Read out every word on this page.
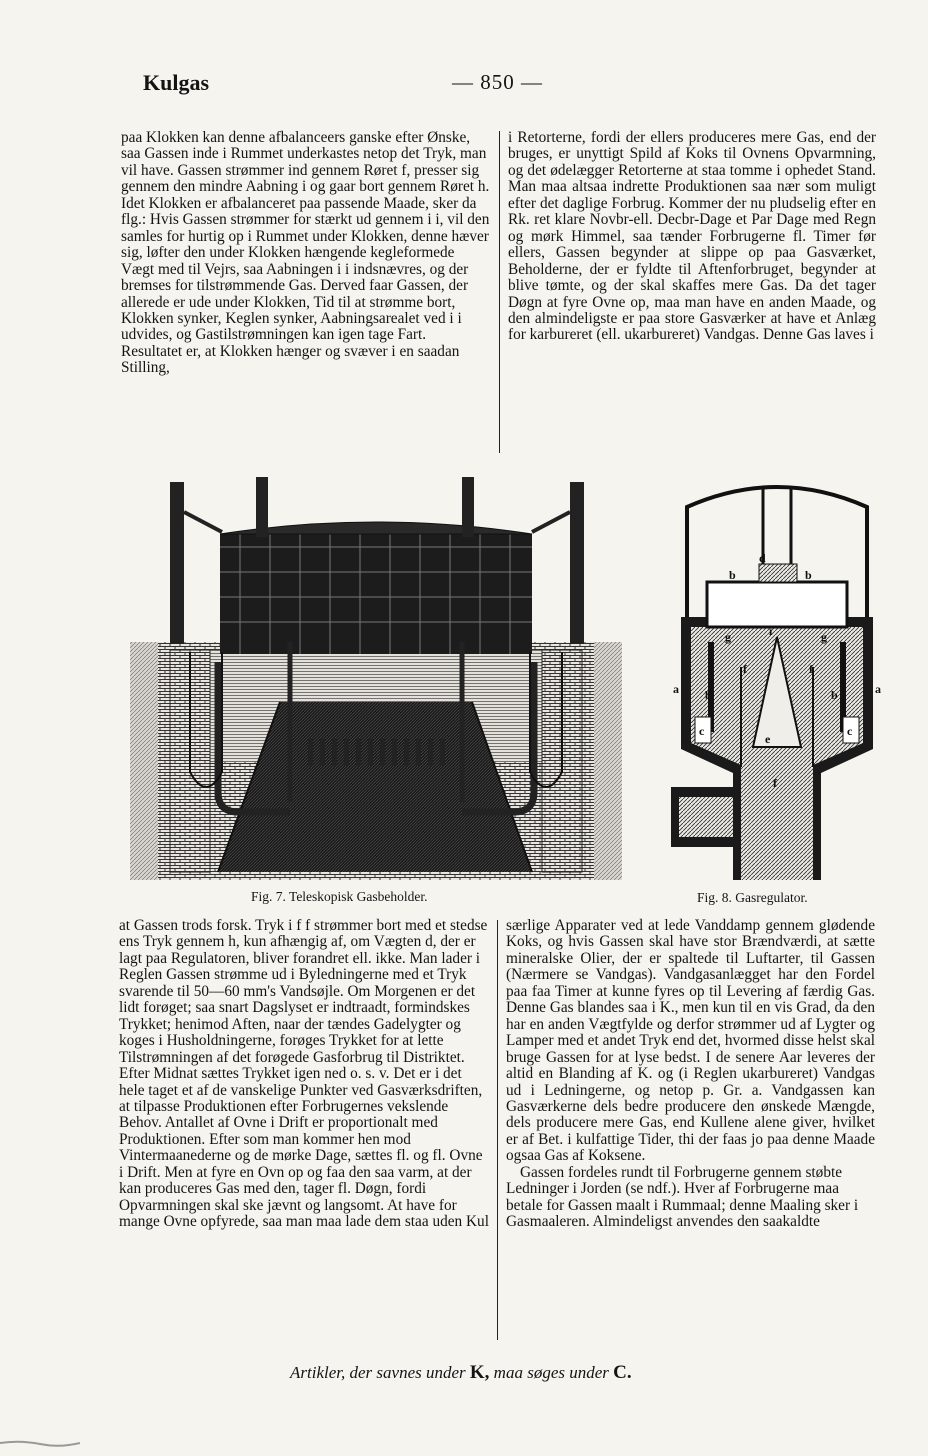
Kulgas	— 850 —

paa Klokken kan denne afbalanceers ganske efter Ønske, saa Gassen inde i Rummet underkastes netop det Tryk, man vil have. Gassen strømmer ind gennem Røret f, presser sig gennem den mindre Aabning i og gaar bort gennem Røret h. Idet Klokken er afbalanceret paa passende Maade, sker da flg.: Hvis Gassen strømmer for stærkt ud gennem i i, vil den samles for hurtig op i Rummet under Klokken, denne hæver sig, løfter den under Klokken hængende kegleformede Vægt med til Vejrs, saa Aabningen i i indsnævres, og der bremses for tilstrømmende Gas. Derved faar Gassen, der allerede er ude under Klokken, Tid til at strømme bort, Klokken synker, Keglen synker, Aabningsarealet ved i i udvides, og Gastilstrømningen kan igen tage Fart. Resultatet er, at Klokken hænger og svæver i en saadan Stilling,

i Retorterne, fordi der ellers produceres mere Gas, end der bruges, er unyttigt Spild af Koks til Ovnens Opvarmning, og det ødelægger Retorterne at staa tomme i ophedet Stand. Man maa altsaa indrette Produktionen saa nær som muligt efter det daglige Forbrug. Kommer der nu pludselig efter en Rk. ret klare Novbr-ell. Decbr-Dage et Par Dage med Regn og mørk Himmel, saa tænder Forbrugerne fl. Timer før ellers, Gassen begynder at slippe op paa Gasværket, Beholderne, der er fyldte til Aftenforbruget, begynder at blive tømte, og der skal skaffes mere Gas. Da det tager Døgn at fyre Ovne op, maa man have en anden Maade, og den almindeligste er paa store Gasværker at have et Anlæg for karbureret (ell. ukarbureret) Vandgas. Denne Gas laves i

Fig. 7. Teleskopisk Gasbeholder.
d
b	b
g	g
i
f	f
a b	b	a
c	c
e
f
Fig. 8. Gasregulator.

at Gassen trods forsk. Tryk i f f strømmer bort med et stedse ens Tryk gennem h, kun afhængig af, om Vægten d, der er lagt paa Regulatoren, bliver forandret ell. ikke. Man lader i Reglen Gassen strømme ud i Byledningerne med et Tryk svarende til 50—60 mm's Vandsøjle. Om Morgenen er det lidt forøget; saa snart Dagslyset er indtraadt, formindskes Trykket; henimod Aften, naar der tændes Gadelygter og koges i Husholdningerne, forøges Trykket for at lette Tilstrømningen af det forøgede Gasforbrug til Distriktet. Efter Midnat sættes Trykket igen ned o. s. v. Det er i det hele taget et af de vanskelige Punkter ved Gasværksdriften, at tilpasse Produktionen efter Forbrugernes vekslende Behov. Antallet af Ovne i Drift er proportionalt med Produktionen. Efter som man kommer hen mod Vintermaanederne og de mørke Dage, sættes fl. og fl. Ovne i Drift. Men at fyre en Ovn op og faa den saa varm, at der kan produceres Gas med den, tager fl. Døgn, fordi Opvarmningen skal ske jævnt og langsomt. At have for mange Ovne opfyrede, saa man maa lade dem staa uden Kul

særlige Apparater ved at lede Vanddamp gennem glødende Koks, og hvis Gassen skal have stor Brændværdi, at sætte mineralske Olier, der er spaltede til Luftarter, til Gassen (Nærmere se Vandgas). Vandgasanlægget har den Fordel paa faa Timer at kunne fyres op til Levering af færdig Gas. Denne Gas blandes saa i K., men kun til en vis Grad, da den har en anden Vægtfylde og derfor strømmer ud af Lygter og Lamper med et andet Tryk end det, hvormed disse helst skal bruge Gassen for at lyse bedst. I de senere Aar leveres der altid en Blanding af K. og (i Reglen ukarbureret) Vandgas ud i Ledningerne, og netop p. Gr. a. Vandgassen kan Gasværkerne dels bedre producere den ønskede Mængde, dels producere mere Gas, end Kullene alene giver, hvilket er af Bet. i kulfattige Tider, thi der faas jo paa denne Maade ogsaa Gas af Koksene.

Gassen fordeles rundt til Forbrugerne gennem støbte Ledninger i Jorden (se ndf.). Hver af Forbrugerne maa betale for Gassen maalt i Rummaal; denne Maaling sker i Gasmaaleren. Almindeligst anvendes den saakaldte

Artikler, der savnes under K, maa søges under C.
